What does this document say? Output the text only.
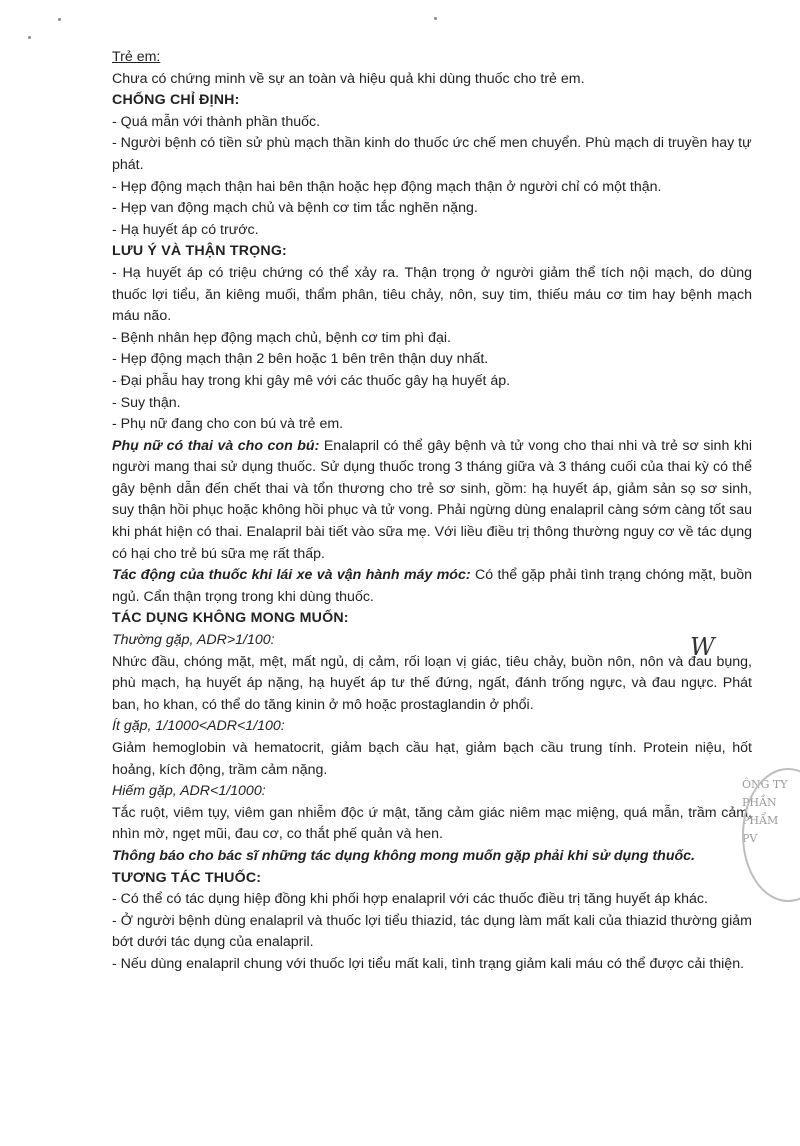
Trẻ em:

Chưa có chứng minh về sự an toàn và hiệu quả khi dùng thuốc cho trẻ em.

CHỐNG CHỈ ĐỊNH:

- Quá mẫn với thành phần thuốc.

- Người bệnh có tiền sử phù mạch thần kinh do thuốc ức chế men chuyển. Phù mạch di truyền hay tự phát.

- Hẹp động mạch thận hai bên thận hoặc hẹp động mạch thận ở người chỉ có một thận.

- Hẹp van động mạch chủ và bệnh cơ tim tắc nghẽn nặng.

- Hạ huyết áp có trước.

LƯU Ý VÀ THẬN TRỌNG:

- Hạ huyết áp có triệu chứng có thể xảy ra. Thận trọng ở người giảm thể tích nội mạch, do dùng thuốc lợi tiểu, ăn kiêng muối, thẩm phân, tiêu chảy, nôn, suy tim, thiếu máu cơ tim hay bệnh mạch máu não.

- Bệnh nhân hẹp động mạch chủ, bệnh cơ tim phì đại.

- Hẹp động mạch thận 2 bên hoặc 1 bên trên thận duy nhất.

- Đại phẫu hay trong khi gây mê với các thuốc gây hạ huyết áp.

- Suy thận.

- Phụ nữ đang cho con bú và trẻ em.

Phụ nữ có thai và cho con bú: Enalapril có thể gây bệnh và tử vong cho thai nhi và trẻ sơ sinh khi người mang thai sử dụng thuốc. Sử dụng thuốc trong 3 tháng giữa và 3 tháng cuối của thai kỳ có thể gây bệnh dẫn đến chết thai và tổn thương cho trẻ sơ sinh, gồm: hạ huyết áp, giảm sản sọ sơ sinh, suy thận hồi phục hoặc không hồi phục và tử vong. Phải ngừng dùng enalapril càng sớm càng tốt sau khi phát hiện có thai. Enalapril bài tiết vào sữa mẹ. Với liều điều trị thông thường nguy cơ về tác dụng có hại cho trẻ bú sữa mẹ rất thấp.

Tác động của thuốc khi lái xe và vận hành máy móc: Có thể gặp phải tình trạng chóng mặt, buồn ngủ. Cẩn thận trọng trong khi dùng thuốc.

TÁC DỤNG KHÔNG MONG MUỐN:

Thường gặp, ADR>1/100:

Nhức đầu, chóng mặt, mệt, mất ngủ, dị cảm, rối loạn vị giác, tiêu chảy, buồn nôn, nôn và đau bụng, phù mạch, hạ huyết áp nặng, hạ huyết áp tư thế đứng, ngất, đánh trống ngực, và đau ngực. Phát ban, ho khan, có thể do tăng kinin ở mô hoặc prostaglandin ở phổi.

Ít gặp, 1/1000<ADR<1/100:

Giảm hemoglobin và hematocrit, giảm bạch cầu hạt, giảm bạch cầu trung tính. Protein niệu, hốt hoảng, kích động, trầm cảm nặng.

Hiếm gặp, ADR<1/1000:

Tắc ruột, viêm tụy, viêm gan nhiễm độc ứ mật, tăng cảm giác niêm mạc miệng, quá mẫn, trầm cảm, nhìn mờ, ngẹt mũi, đau cơ, co thắt phế quản và hen.

Thông báo cho bác sĩ những tác dụng không mong muốn gặp phải khi sử dụng thuốc.

TƯƠNG TÁC THUỐC:

- Có thể có tác dụng hiệp đồng khi phối hợp enalapril với các thuốc điều trị tăng huyết áp khác.

- Ở người bệnh dùng enalapril và thuốc lợi tiểu thiazid, tác dụng làm mất kali của thiazid thường giảm bớt dưới tác dụng của enalapril.

- Nếu dùng enalapril chung với thuốc lợi tiểu mất kali, tình trạng giảm kali máu có thể được cải thiện.

W
ÔNG TY
PHẦN
PHẨM
PV
